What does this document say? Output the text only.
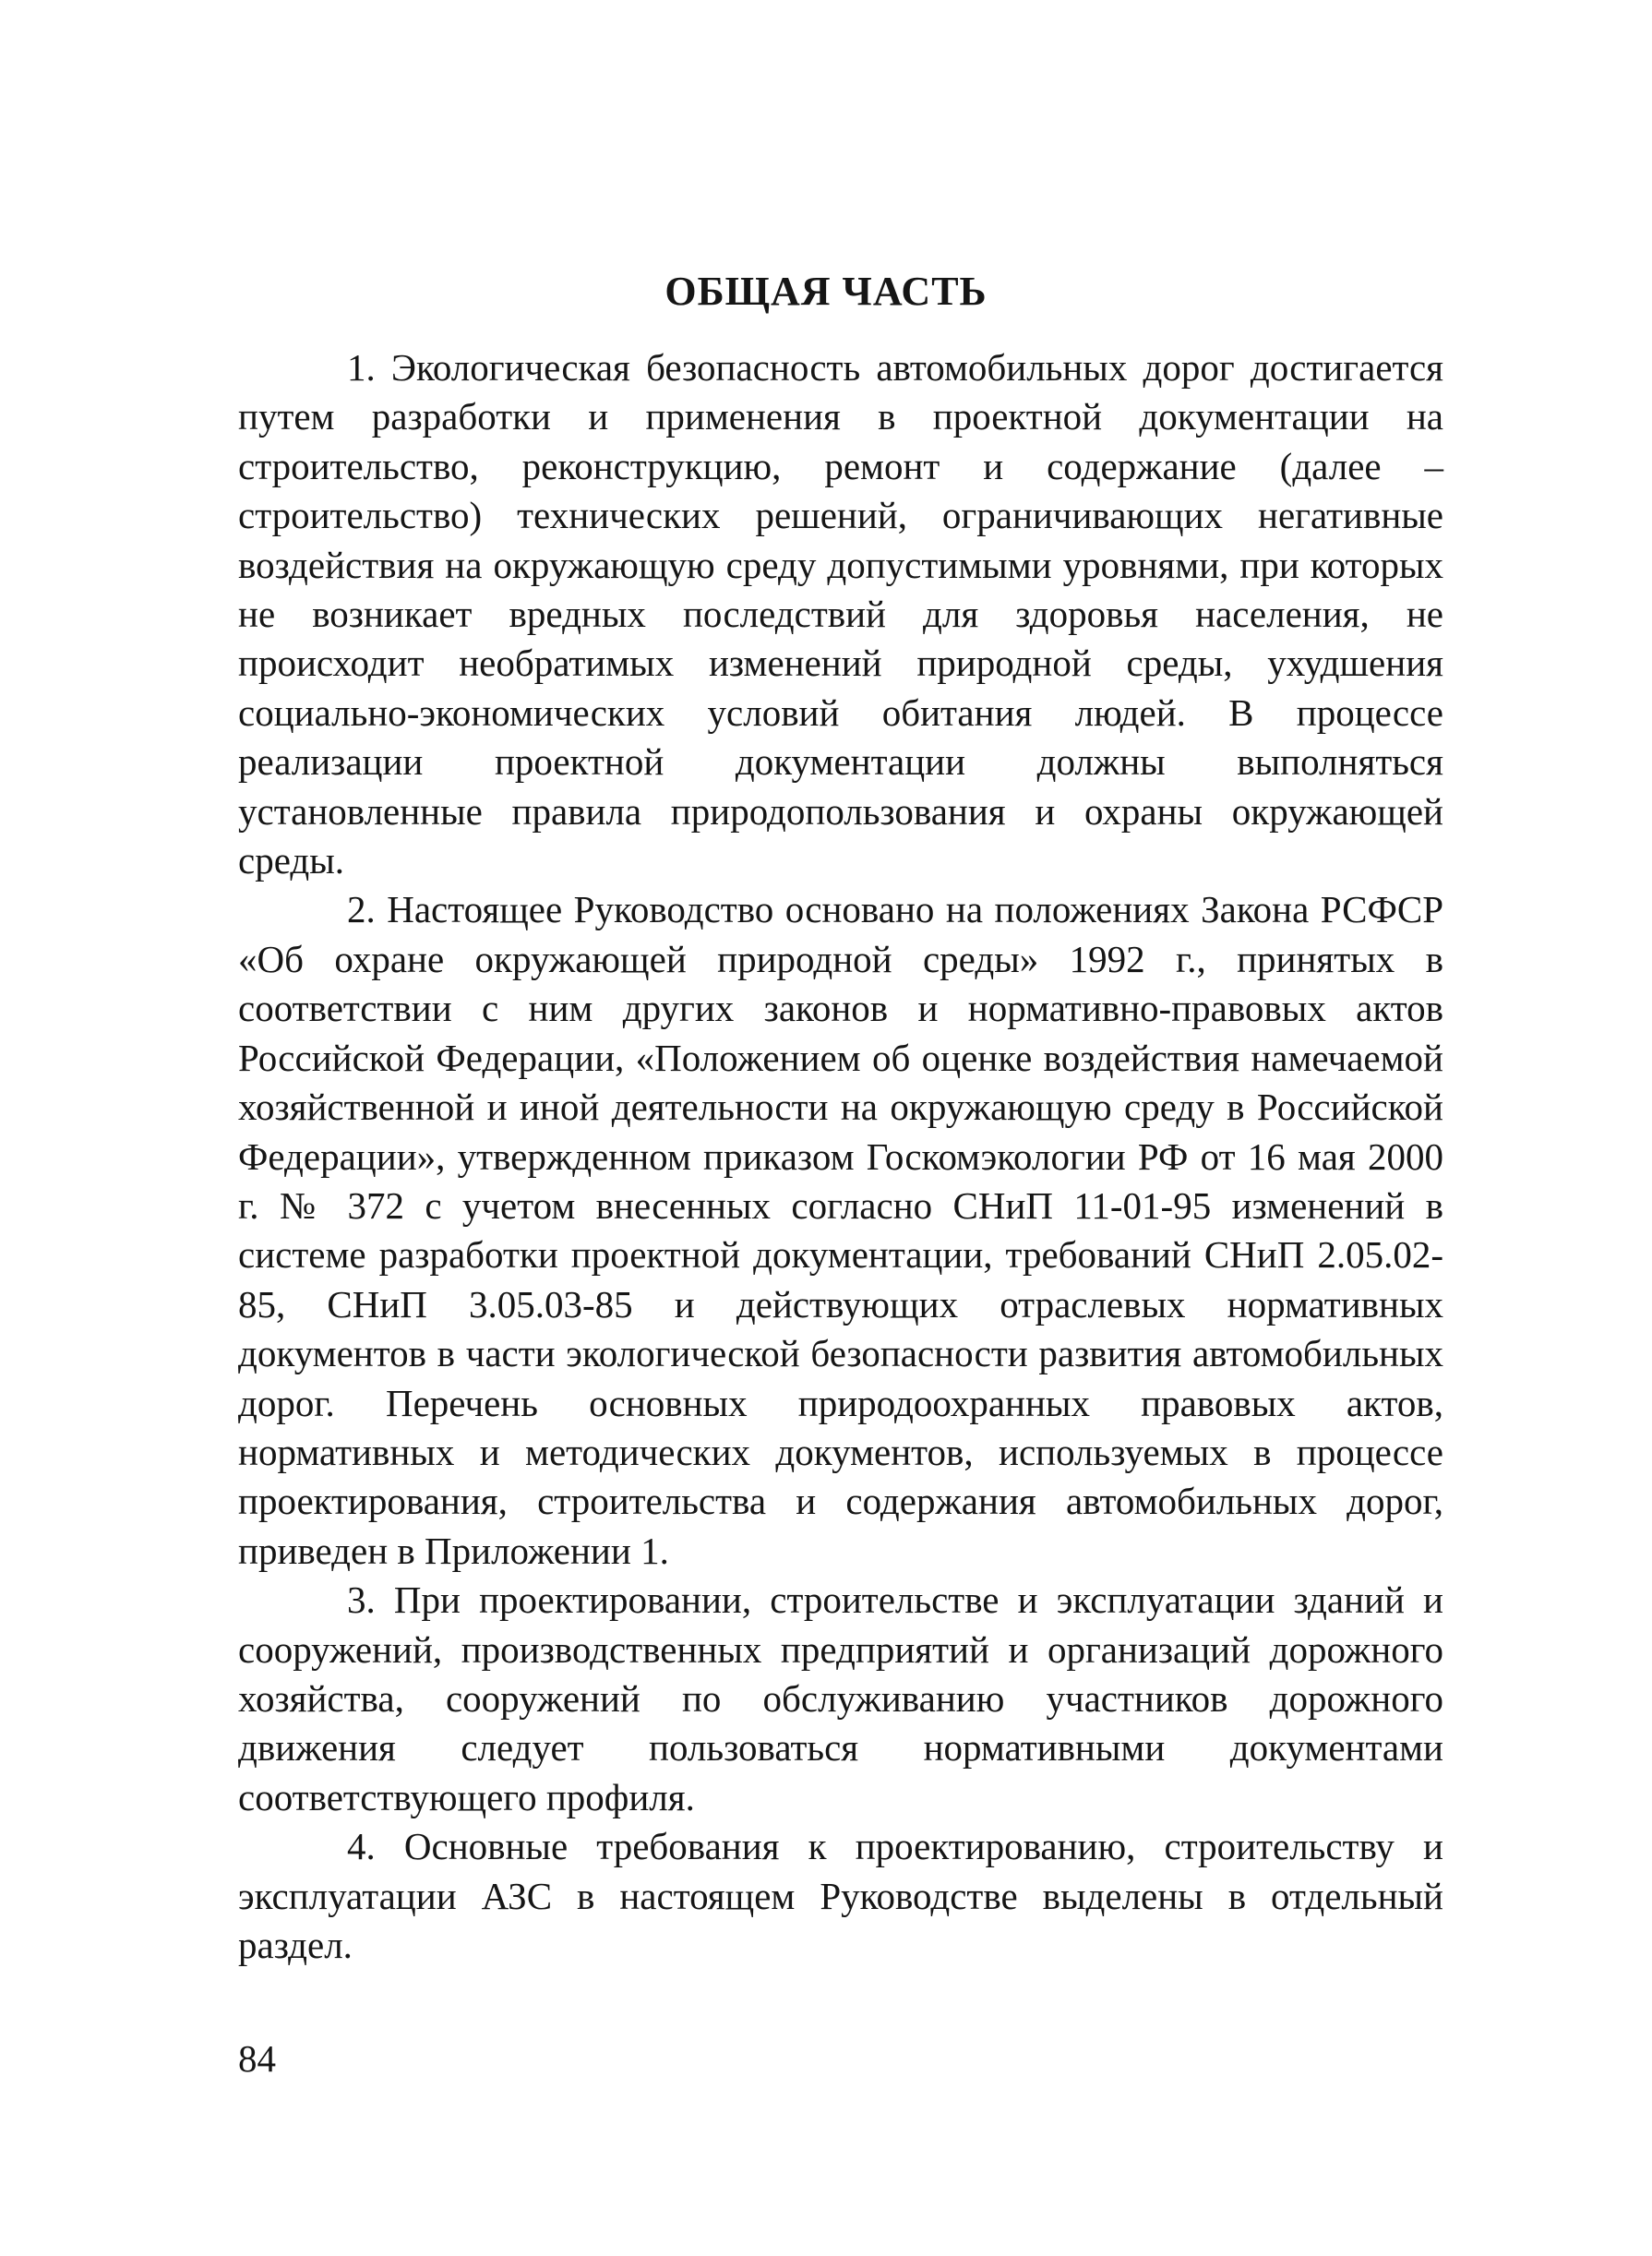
ОБЩАЯ ЧАСТЬ

1. Экологическая безопасность автомобильных дорог достигается путем разработки и применения в проектной документации на строительство, реконструкцию, ремонт и содержание (далее – строительство) технических решений, ограничивающих негативные воздействия на окружающую среду допустимыми уровнями, при которых не возникает вредных последствий для здоровья населения, не происходит необратимых изменений природной среды, ухудшения социально-экономических условий обитания людей. В процессе реализации проектной документации должны выполняться установленные правила природопользования и охраны окружающей среды.

2. Настоящее Руководство основано на положениях Закона РСФСР «Об охране окружающей природной среды» 1992 г., принятых в соответствии с ним других законов и нормативно-правовых актов Российской Федерации, «Положением об оценке воздействия намечаемой хозяйственной и иной деятельности на окружающую среду в Российской Федерации», утвержденном приказом Госкомэкологии РФ от 16 мая 2000 г. № 372 с учетом внесенных согласно СНиП 11-01-95 изменений в системе разработки проектной документации, требований СНиП 2.05.02-85, СНиП 3.05.03-85 и действующих отраслевых нормативных документов в части экологической безопасности развития автомобильных дорог. Перечень основных природоохранных правовых актов, нормативных и методических документов, используемых в процессе проектирования, строительства и содержания автомобильных дорог, приведен в Приложении 1.

3. При проектировании, строительстве и эксплуатации зданий и сооружений, производственных предприятий и организаций дорожного хозяйства, сооружений по обслуживанию участников дорожного движения следует пользоваться нормативными документами соответствующего профиля.

4. Основные требования к проектированию, строительству и эксплуатации АЗС в настоящем Руководстве выделены в отдельный раздел.

84
